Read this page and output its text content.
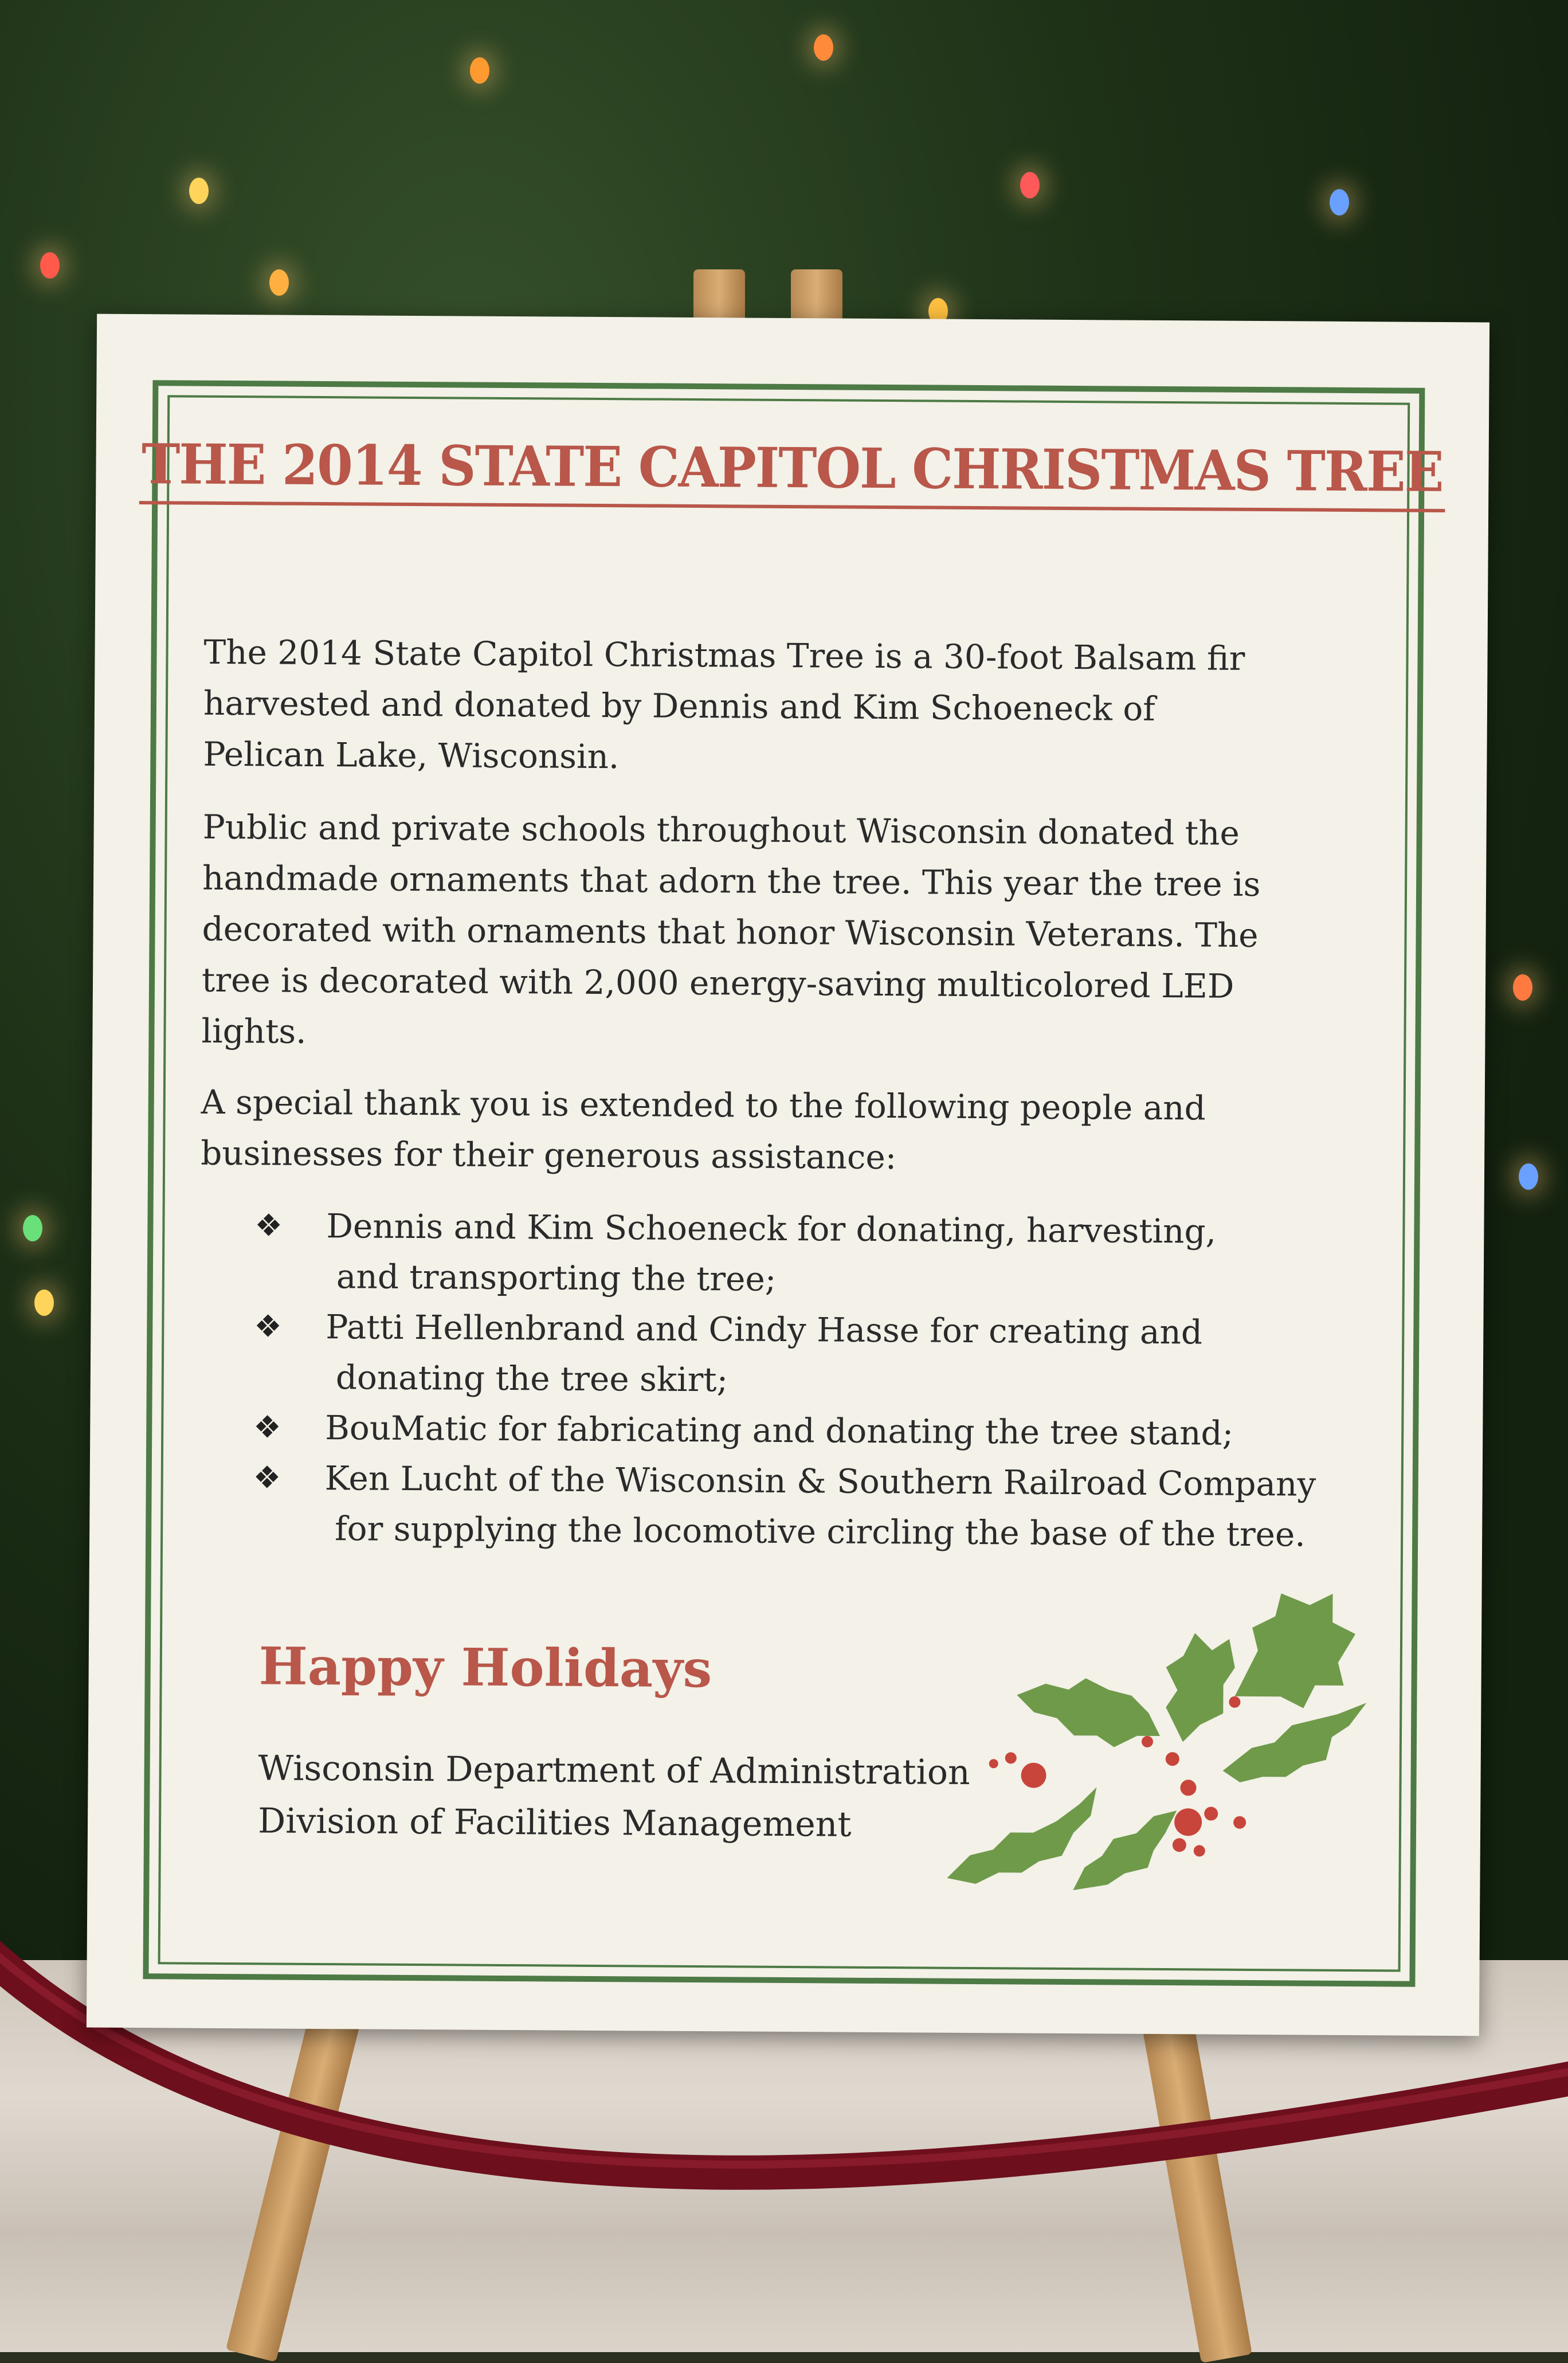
THE 2014 STATE CAPITOL CHRISTMAS TREE
The 2014 State Capitol Christmas Tree is a 30-foot Balsam fir
harvested and donated by Dennis and Kim Schoeneck of
Pelican Lake, Wisconsin.
Public and private schools throughout Wisconsin donated the
handmade ornaments that adorn the tree. This year the tree is
decorated with ornaments that honor Wisconsin Veterans. The
tree is decorated with 2,000 energy-saving multicolored LED
lights.
A special thank you is extended to the following people and
businesses for their generous assistance:
❖ Dennis and Kim Schoeneck for donating, harvesting,
and transporting the tree;
❖ Patti Hellenbrand and Cindy Hasse for creating and
donating the tree skirt;
❖ BouMatic for fabricating and donating the tree stand;
❖ Ken Lucht of the Wisconsin & Southern Railroad Company
for supplying the locomotive circling the base of the tree.
Happy Holidays
Wisconsin Department of Administration
Division of Facilities Management
